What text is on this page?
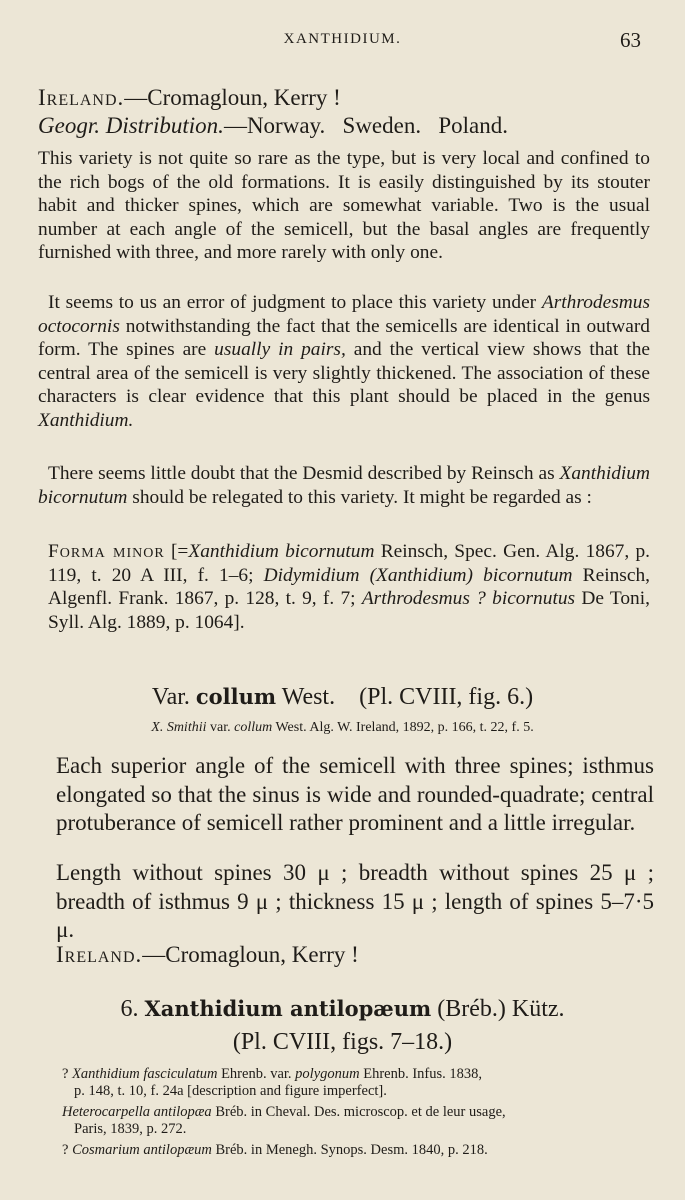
XANTHIDIUM.	63
Ireland.—Cromagloun, Kerry !
Geogr. Distribution.—Norway.   Sweden.   Poland.
This variety is not quite so rare as the type, but is very local and confined to the rich bogs of the old formations. It is easily distinguished by its stouter habit and thicker spines, which are somewhat variable. Two is the usual number at each angle of the semicell, but the basal angles are frequently furnished with three, and more rarely with only one.
It seems to us an error of judgment to place this variety under Arthrodesmus octocornis notwithstanding the fact that the semicells are identical in outward form. The spines are usually in pairs, and the vertical view shows that the central area of the semicell is very slightly thickened. The association of these characters is clear evidence that this plant should be placed in the genus Xanthidium.
There seems little doubt that the Desmid described by Reinsch as Xanthidium bicornutum should be relegated to this variety. It might be regarded as :
Forma minor [=Xanthidium bicornutum Reinsch, Spec. Gen. Alg. 1867, p. 119, t. 20 A III, f. 1–6; Didymidium (Xanthidium) bicornutum Reinsch, Algenfl. Frank. 1867, p. 128, t. 9, f. 7; Arthrodesmus ? bicornutus De Toni, Syll. Alg. 1889, p. 1064].
Var. collum West. (Pl. CVIII, fig. 6.)
X. Smithii var. collum West. Alg. W. Ireland, 1892, p. 166, t. 22, f. 5.
Each superior angle of the semicell with three spines; isthmus elongated so that the sinus is wide and rounded-quadrate; central protuberance of semicell rather prominent and a little irregular.
Length without spines 30 μ ; breadth without spines 25 μ ; breadth of isthmus 9 μ ; thickness 15 μ ; length of spines 5–7·5 μ.
Ireland.—Cromagloun, Kerry !
6. Xanthidium antilopæum (Bréb.) Kütz.
(Pl. CVIII, figs. 7–18.)
? Xanthidium fasciculatum Ehrenb. var. polygonum Ehrenb. Infus. 1838,
p. 148, t. 10, f. 24a [description and figure imperfect].
Heterocarpella antilopæa Bréb. in Cheval. Des. microscop. et de leur usage,
Paris, 1839, p. 272.
? Cosmarium antilopæum Bréb. in Menegh. Synops. Desm. 1840, p. 218.
